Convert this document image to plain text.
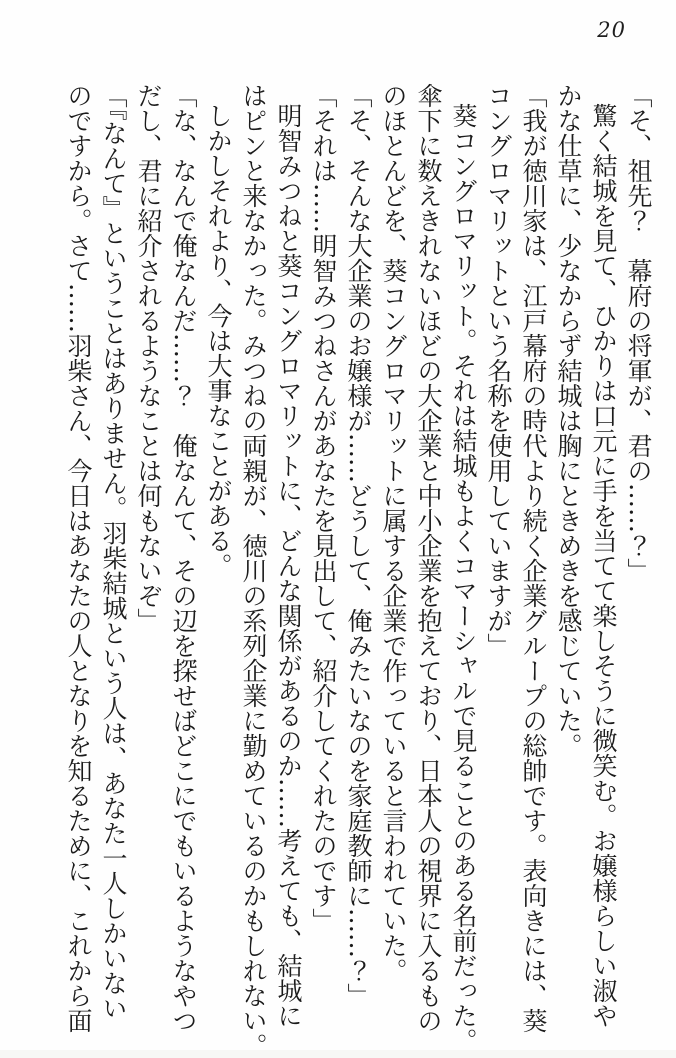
20
「そ、祖先？　幕府の将軍が、君の……？」
驚く結城を見て、ひかりは口元に手を当てて楽しそうに微笑む。お嬢様らしい淑や
かな仕草に、少なからず結城は胸にときめきを感じていた。
「我が徳川家は、江戸幕府の時代より続く企業グループの総帥です。表向きには、葵
コングロマリットという名称を使用していますが」
葵コングロマリット。それは結城もよくコマーシャルで見ることのある名前だった。
傘下に数えきれないほどの大企業と中小企業を抱えており、日本人の視界に入るもの
のほとんどを、葵コングロマリットに属する企業で作っていると言われていた。
「そ、そんな大企業のお嬢様が……どうして、俺みたいなのを家庭教師に……？」
「それは……明智みつねさんがあなたを見出して、紹介してくれたのです」
明智みつねと葵コングロマリットに、どんな関係があるのか……考えても、結城に
はピンと来なかった。みつねの両親が、徳川の系列企業に勤めているのかもしれない。
しかしそれより、今は大事なことがある。
「な、なんで俺なんだ……？　俺なんて、その辺を探せばどこにでもいるようなやつ
だし、君に紹介されるようなことは何もないぞ」
「『なんて』ということはありません。羽柴結城という人は、あなた一人しかいない
のですから。さて……羽柴さん、今日はあなたの人となりを知るために、これから面
